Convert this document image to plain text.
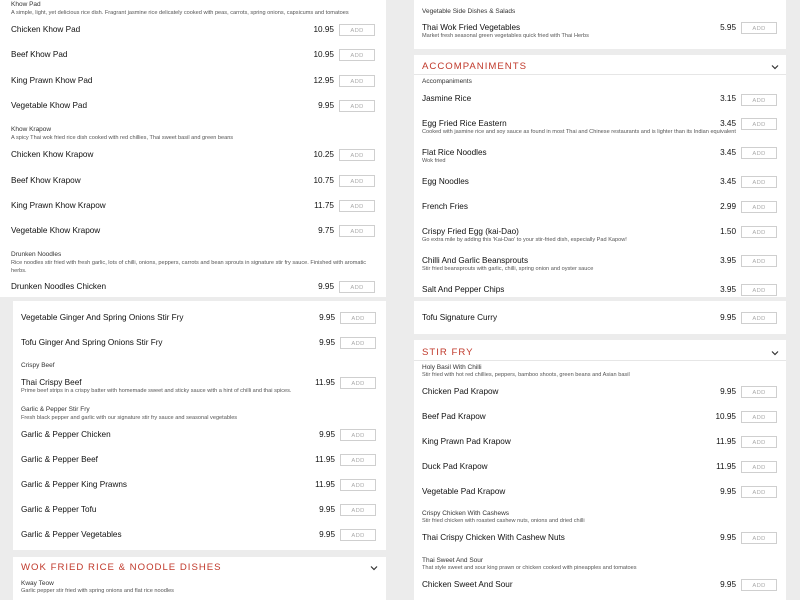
Khow Pad
A simple, light, yet delicious rice dish. Fragrant jasmine rice delicately cooked with peas, carrots, spring onions, capsicums and tomatoes
Chicken Khow Pad	10.95	ADD
Beef Khow Pad	10.95	ADD
King Prawn Khow Pad	12.95	ADD
Vegetable Khow Pad	9.95	ADD
Khow Krapow
A spicy Thai wok fried rice dish cooked with red chillies, Thai sweet basil and green beans
Chicken Khow Krapow	10.25	ADD
Beef Khow Krapow	10.75	ADD
King Prawn Khow Krapow	11.75	ADD
Vegetable Khow Krapow	9.75	ADD
Drunken Noodles
Rice noodles stir fried with fresh garlic, lots of chilli, onions, peppers, carrots and bean sprouts in signature stir fry sauce. Finished with aromatic herbs.
Drunken Noodles Chicken	9.95	ADD
Vegetable Ginger And Spring Onions Stir Fry	9.95	ADD
Tofu Ginger And Spring Onions Stir Fry	9.95	ADD
Crispy Beef
Thai Crispy Beef
Prime beef strips in a crispy batter with homemade sweet and sticky sauce with a hint of chilli and thai spices.
11.95	ADD
Garlic & Pepper Stir Fry
Fresh black pepper and garlic with our signature stir fry sauce and seasonal vegetables
Garlic & Pepper Chicken	9.95	ADD
Garlic & Pepper Beef	11.95	ADD
Garlic & Pepper King Prawns	11.95	ADD
Garlic & Pepper Tofu	9.95	ADD
Garlic & Pepper Vegetables	9.95	ADD
WOK FRIED RICE & NOODLE DISHES
Kway Teow
Garlic pepper stir fried with spring onions and flat rice noodles
Vegetable Side Dishes & Salads
Thai Wok Fried Vegetables
Market fresh seasonal green vegetables quick fried with Thai Herbs
5.95	ADD
ACCOMPANIMENTS
Accompaniments
Jasmine Rice	3.15	ADD
Egg Fried Rice Eastern
Cooked with jasmine rice and soy sauce as found in most Thai and Chinese restaurants and is lighter than its Indian equivalent
3.45	ADD
Flat Rice Noodles
Wok fried
3.45	ADD
Egg Noodles	3.45	ADD
French Fries	2.99	ADD
Crispy Fried Egg (kai-Dao)
Go extra mile by adding this 'Kai-Dao' to your stir-fried dish, especially Pad Kapow!
1.50	ADD
Chilli And Garlic Beansprouts
Stir fried beansprouts with garlic, chilli, spring onion and oyster sauce
3.95	ADD
Salt And Pepper Chips	3.95	ADD
Tofu Signature Curry	9.95	ADD
STIR FRY
Holy Basil With Chilli
Stir fried with hot red chillies, peppers, bamboo shoots, green beans and Asian basil
Chicken Pad Krapow	9.95	ADD
Beef Pad Krapow	10.95	ADD
King Prawn Pad Krapow	11.95	ADD
Duck Pad Krapow	11.95	ADD
Vegetable Pad Krapow	9.95	ADD
Crispy Chicken With Cashews
Stir fried chicken with roasted cashew nuts, onions and dried chilli
Thai Crispy Chicken With Cashew Nuts	9.95	ADD
Thai Sweet And Sour
That style sweet and sour king prawn or chicken cooked with pineapples and tomatoes
Chicken Sweet And Sour	9.95	ADD
